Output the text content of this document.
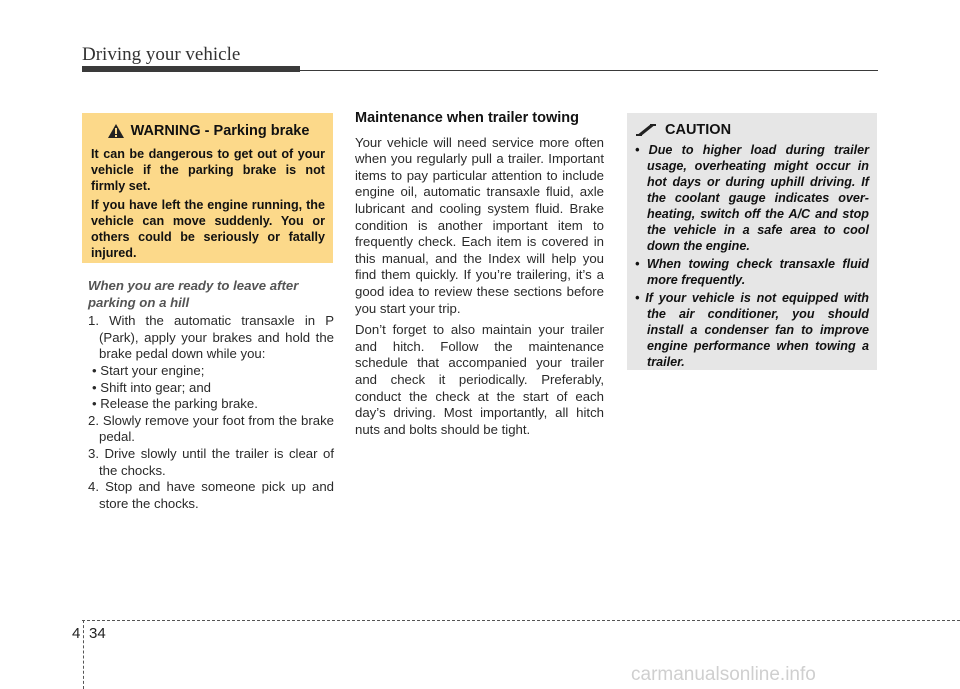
Driving your vehicle
WARNING - Parking brake

It can be dangerous to get out of your vehicle if the parking brake is not firmly set.

If you have left the engine running, the vehicle can move suddenly. You or others could be seriously or fatally injured.

When you are ready to leave after parking on a hill

1. With the automatic transaxle in P (Park), apply your brakes and hold the brake pedal down while you:

• Start your engine;

• Shift into gear; and

• Release the parking brake.

2. Slowly remove your foot from the brake pedal.

3. Drive slowly until the trailer is clear of the chocks.

4. Stop and have someone pick up and store the chocks.

Maintenance when trailer towing

Your vehicle will need service more often when you regularly pull a trailer. Important items to pay particular attention to include engine oil, automatic transaxle fluid, axle lubricant and cooling system fluid. Brake condition is another important item to frequently check. Each item is covered in this manual, and the Index will help you find them quickly. If you’re trailering, it’s a good idea to review these sections before you start your trip.

Don’t forget to also maintain your trailer and hitch. Follow the maintenance schedule that accompanied your trailer and check it periodically. Preferably, conduct the check at the start of each day’s driving. Most importantly, all hitch nuts and bolts should be tight.

CAUTION

• Due to higher load during trailer usage, overheating might occur in hot days or during uphill driving. If the coolant gauge indicates over-heating, switch off the A/C and stop the vehicle in a safe area to cool down the engine.

• When towing check transaxle fluid more frequently.

• If your vehicle is not equipped with the air conditioner, you should install a condenser fan to improve engine performance when towing a trailer.

4 34
carmanualsonline.info
